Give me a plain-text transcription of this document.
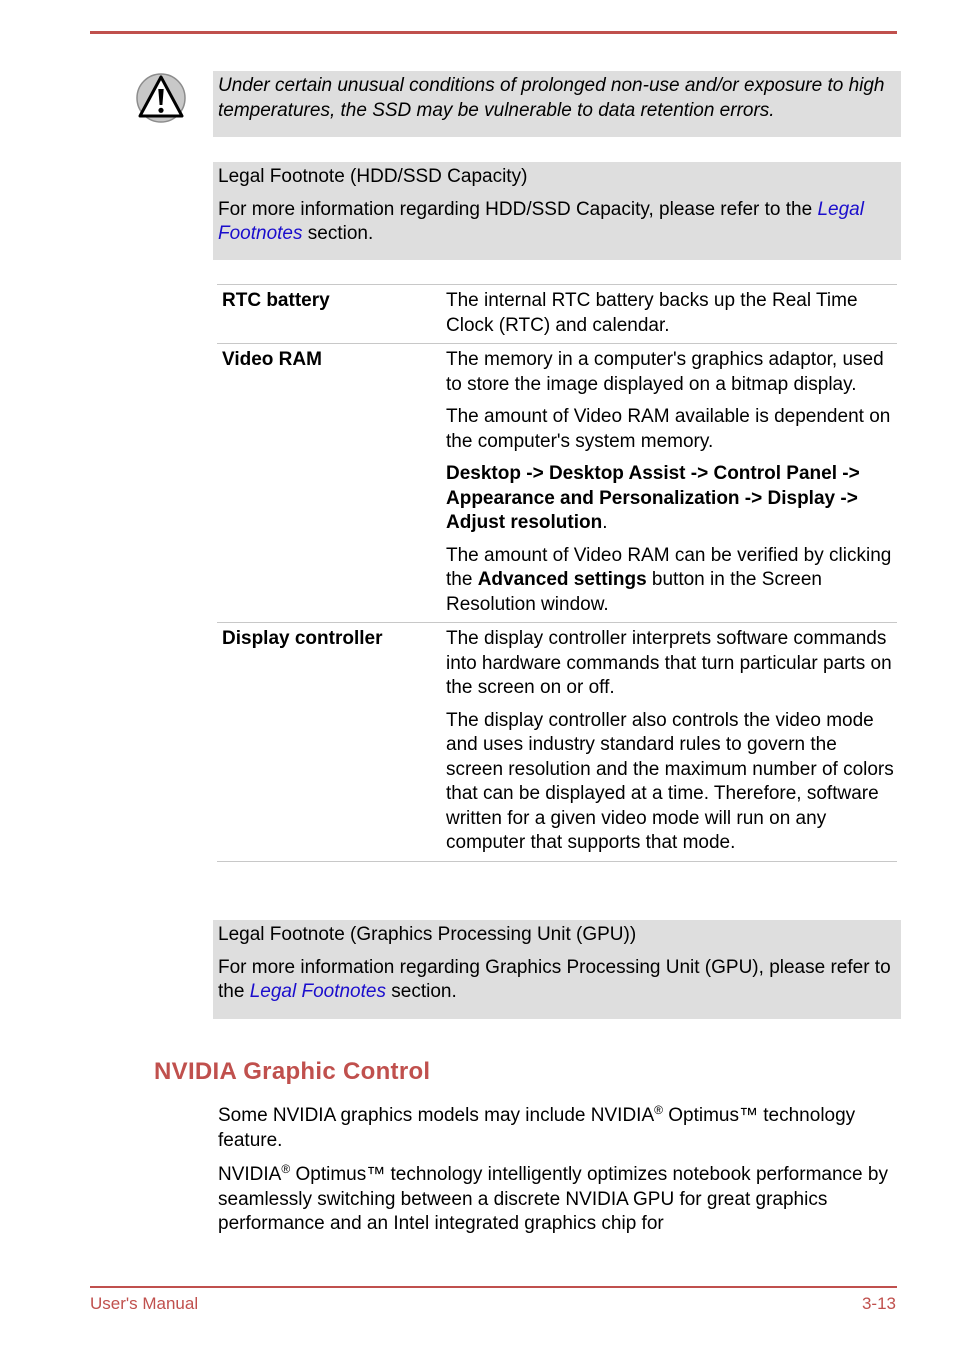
Under certain unusual conditions of prolonged non-use and/or exposure to high temperatures, the SSD may be vulnerable to data retention errors.

Legal Footnote (HDD/SSD Capacity)

For more information regarding HDD/SSD Capacity, please refer to the Legal Footnotes section.

RTC battery	The internal RTC battery backs up the Real Time Clock (RTC) and calendar.

Video RAM	The memory in a computer's graphics adaptor, used to store the image displayed on a bitmap display.

The amount of Video RAM available is dependent on the computer's system memory.

Desktop -> Desktop Assist -> Control Panel -> Appearance and Personalization -> Display -> Adjust resolution.

The amount of Video RAM can be verified by clicking the Advanced settings button in the Screen Resolution window.

Display controller	The display controller interprets software commands into hardware commands that turn particular parts on the screen on or off.

The display controller also controls the video mode and uses industry standard rules to govern the screen resolution and the maximum number of colors that can be displayed at a time. Therefore, software written for a given video mode will run on any computer that supports that mode.

Legal Footnote (Graphics Processing Unit (GPU))

For more information regarding Graphics Processing Unit (GPU), please refer to the Legal Footnotes section.

NVIDIA Graphic Control

Some NVIDIA graphics models may include NVIDIA® Optimus™ technology feature.

NVIDIA® Optimus™ technology intelligently optimizes notebook performance by seamlessly switching between a discrete NVIDIA GPU for great graphics performance and an Intel integrated graphics chip for

User's Manual	3-13
